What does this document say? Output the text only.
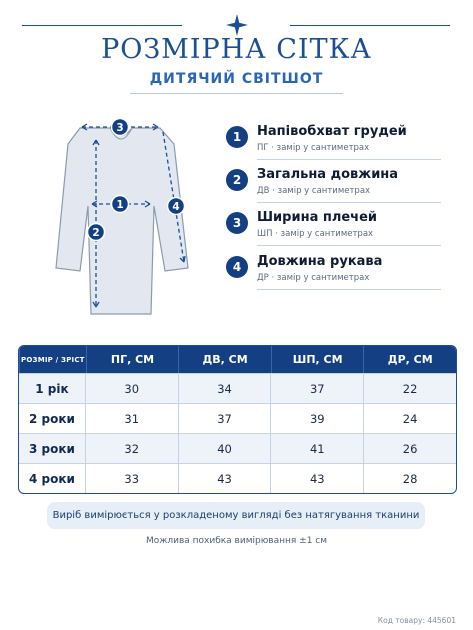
РОЗМІРНА СІТКА
ДИТЯЧИЙ СВІТШОТ
3
1
2
4
1	Напівобхват грудей
ПГ · замір у сантиметрах
2	Загальна довжина
ДВ · замір у сантиметрах
3	Ширина плечей
ШП · замір у сантиметрах
4	Довжина рукава
ДР · замір у сантиметрах
РОЗМІР / ЗРІСТ	ПГ, СМ	ДВ, СМ	ШП, СМ	ДР, СМ
1 рік	30	34	37	22
2 роки	31	37	39	24
3 роки	32	40	41	26
4 роки	33	43	43	28
Виріб вимірюється у розкладеному вигляді без натягування тканини
Можлива похибка вимірювання ±1 см
Код товару: 445601
